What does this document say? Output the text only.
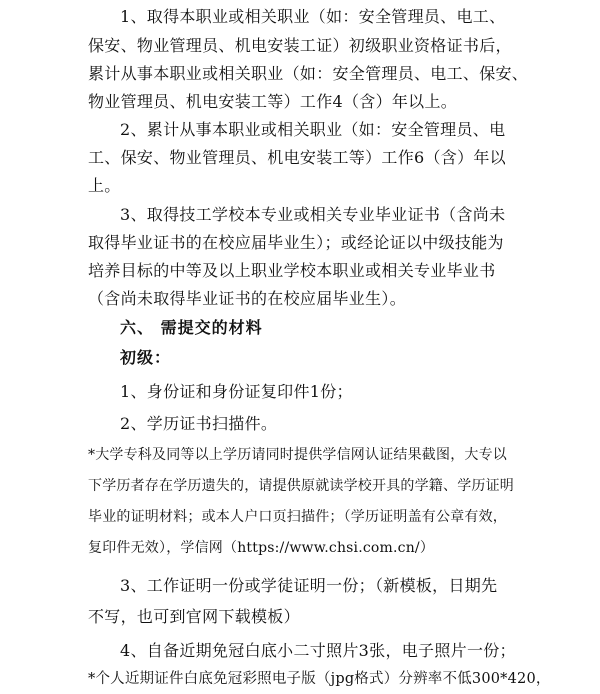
1、取得本职业或相关职业（如：安全管理员、电工、
保安、物业管理员、机电安装工证）初级职业资格证书后，
累计从事本职业或相关职业（如：安全管理员、电工、保安、
物业管理员、机电安装工等）工作4（含）年以上。
2、累计从事本职业或相关职业（如：安全管理员、电
工、保安、物业管理员、机电安装工等）工作6（含）年以
上。
3、取得技工学校本专业或相关专业毕业证书（含尚未
取得毕业证书的在校应届毕业生）；或经论证以中级技能为
培养目标的中等及以上职业学校本职业或相关专业毕业书
（含尚未取得毕业证书的在校应届毕业生）。
六、 需提交的材料
初级：
1、身份证和身份证复印件1份；
2、学历证书扫描件。
*大学专科及同等以上学历请同时提供学信网认证结果截图，大专以
下学历者存在学历遗失的，请提供原就读学校开具的学籍、学历证明
毕业的证明材料；或本人户口页扫描件；（学历证明盖有公章有效，
复印件无效），学信网（https://www.chsi.com.cn/）
3、工作证明一份或学徒证明一份；（新模板，日期先
不写，也可到官网下载模板）
4、自备近期免冠白底小二寸照片3张，电子照片一份；
*个人近期证件白底免冠彩照电子版（jpg格式）分辨率不低300*420，
